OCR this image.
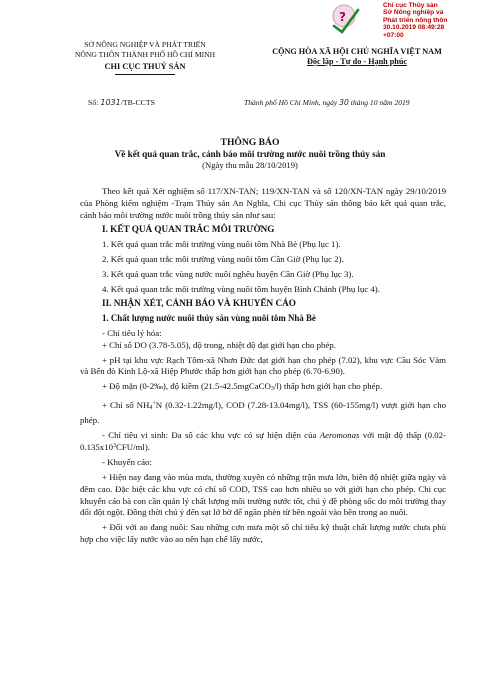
?
Chi cục Thủy sản
Sở Nông nghiệp và
Phát triển nông thôn
30.10.2019 08:49:28
+07:00
SỞ NÔNG NGHIỆP VÀ PHÁT TRIỂN
NÔNG THÔN THÀNH PHỐ HỒ CHÍ MINH
CHI CỤC THUỶ SẢN
CỘNG HÒA XÃ HỘI CHỦ NGHĨA VIỆT NAM
Độc lập - Tự do - Hạnh phúc
Số: 1031/TB-CCTS	Thành phố Hồ Chí Minh, ngày 30 tháng 10 năm 2019
THÔNG BÁO
Về kết quả quan trắc, cảnh báo môi trường nước nuôi trồng thủy sản
(Ngày thu mẫu 28/10/2019)

Theo kết quả Xét nghiệm số 117/XN-TAN; 119/XN-TAN và số 120/XN-TAN ngày 29/10/2019 của Phòng kiểm nghiệm -Trạm Thủy sản An Nghĩa, Chi cục Thủy sản thông báo kết quả quan trắc, cảnh báo môi trường nước nuôi trồng thủy sản như sau:

I. KẾT QUẢ QUAN TRẮC MÔI TRƯỜNG

1. Kết quả quan trắc môi trường vùng nuôi tôm Nhà Bè (Phụ lục 1).

2. Kết quả quan trắc môi trường vùng nuôi tôm Cần Giờ (Phụ lục 2).

3. Kết quả quan trắc vùng nước nuôi nghêu huyện Cần Giờ (Phụ lục 3).

4. Kết quả quan trắc môi trường vùng nuôi tôm huyện Bình Chánh (Phụ lục 4).

II. NHẬN XÉT, CẢNH BÁO VÀ KHUYẾN CÁO

1. Chất lượng nước nuôi thủy sản vùng nuôi tôm Nhà Bè

- Chỉ tiêu lý hóa:

+ Chỉ số DO (3.78-5.05), độ trong, nhiệt độ đạt giới hạn cho phép.

+ pH tại khu vực Rạch Tôm-xã Nhơn Đức đạt giới hạn cho phép (7.02), khu vực Cầu Sóc Vàm và Bến đò Kinh Lộ-xã Hiệp Phước thấp hơn giới hạn cho phép (6.70-6.90).

+ Độ mặn (0-2‰), độ kiềm (21.5-42.5mgCaCO3/l) thấp hơn giới hạn cho phép.

+ Chỉ số NH4+N (0.32-1.22mg/l), COD (7.28-13.04mg/l), TSS (60-155mg/l) vượt giới hạn cho phép.

- Chỉ tiêu vi sinh: Đa số các khu vực có sự hiện diện của Aeromonas với mật độ thấp $(0.02-0.135x10^3CFU/ml)$.

- Khuyến cáo:

+ Hiện nay đang vào mùa mưa, thường xuyên có những trận mưa lớn, biên độ nhiệt giữa ngày và đêm cao. Đặc biệt các khu vực có chỉ số COD, TSS cao hơn nhiều so với giới hạn cho phép. Chi cục khuyến cáo bà con cần quản lý chất lượng môi trường nước tốt, chú ý đề phòng sốc do môi trường thay đổi đột ngột. Đồng thời chú ý đến sạt lở bờ để ngăn phèn từ bên ngoài vào bên trong ao nuôi.

+ Đối với ao đang nuôi: Sau những cơn mưa một số chỉ tiêu kỹ thuật chất lượng nước chưa phù hợp cho việc lấy nước vào ao nên hạn chế lấy nước,
